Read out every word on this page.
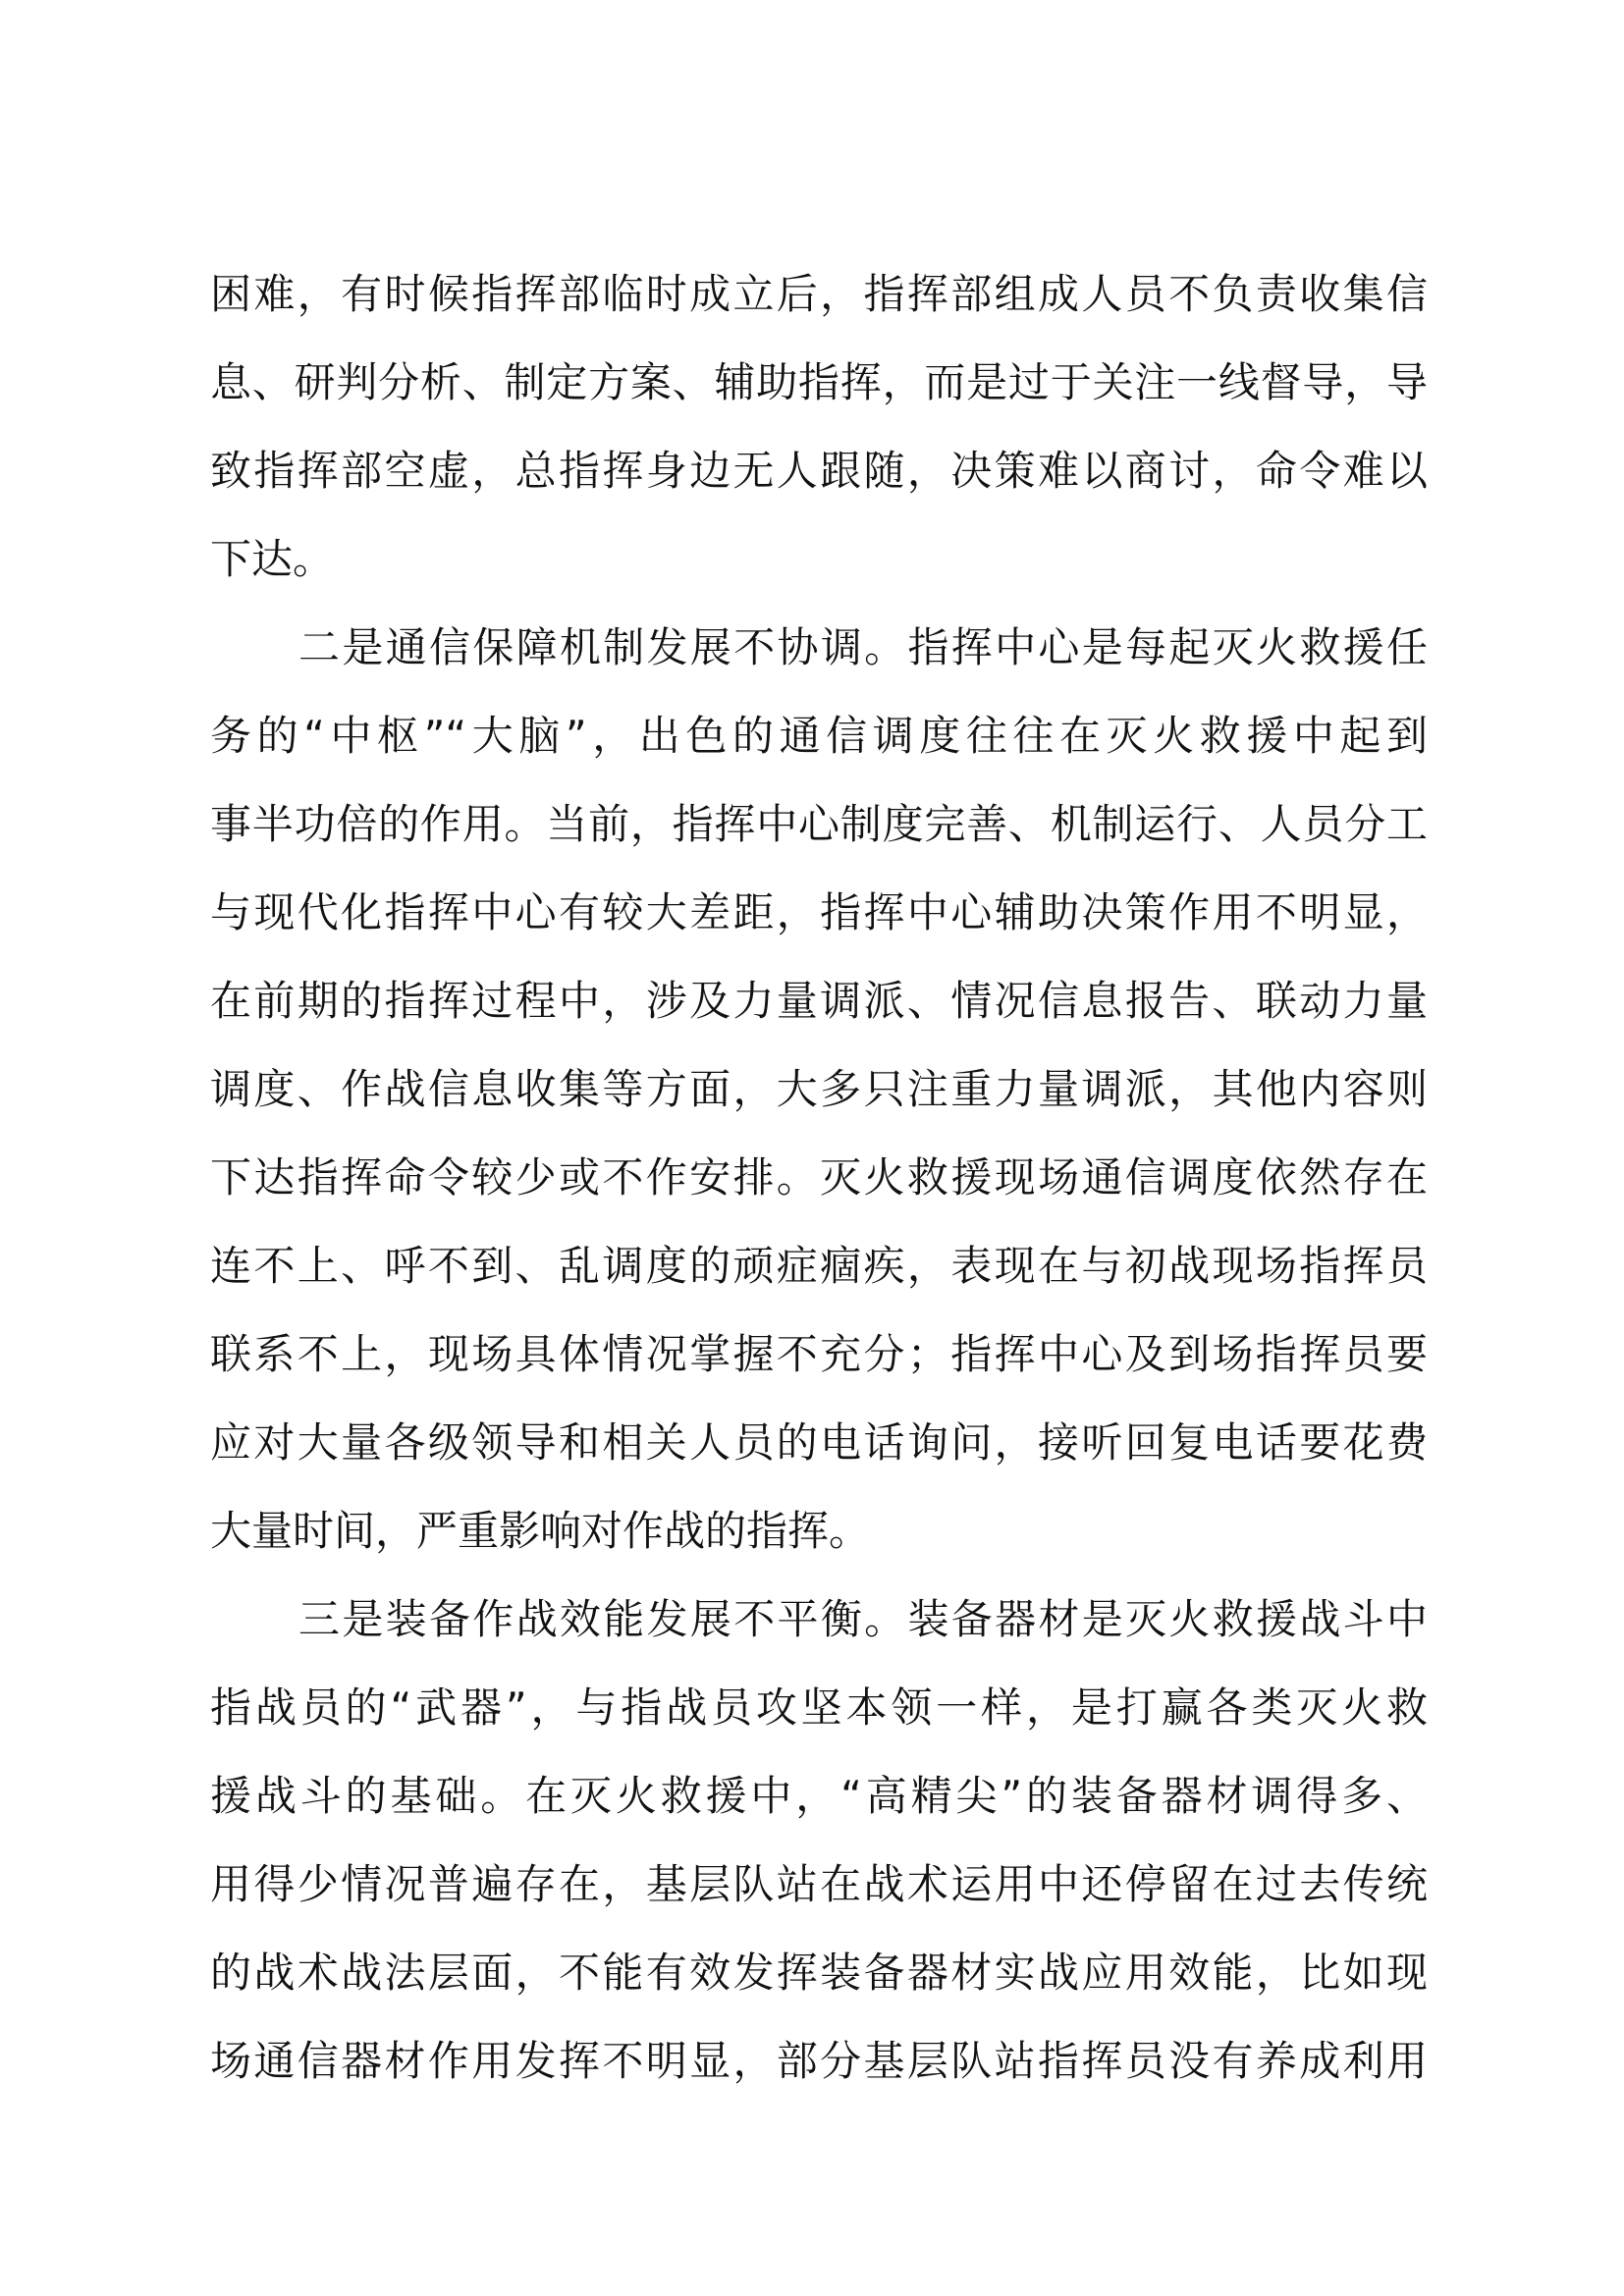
困难，有时候指挥部临时成立后，指挥部组成人员不负责收集信
息、研判分析、制定方案、辅助指挥，而是过于关注一线督导，导
致指挥部空虚，总指挥身边无人跟随，决策难以商讨，命令难以
下达。
二是通信保障机制发展不协调。指挥中心是每起灭火救援任
务的“中枢”“大脑”，出色的通信调度往往在灭火救援中起到
事半功倍的作用。当前，指挥中心制度完善、机制运行、人员分工
与现代化指挥中心有较大差距，指挥中心辅助决策作用不明显，
在前期的指挥过程中，涉及力量调派、情况信息报告、联动力量
调度、作战信息收集等方面，大多只注重力量调派，其他内容则
下达指挥命令较少或不作安排。灭火救援现场通信调度依然存在
连不上、呼不到、乱调度的顽症痼疾，表现在与初战现场指挥员
联系不上，现场具体情况掌握不充分；指挥中心及到场指挥员要
应对大量各级领导和相关人员的电话询问，接听回复电话要花费
大量时间，严重影响对作战的指挥。
三是装备作战效能发展不平衡。装备器材是灭火救援战斗中
指战员的“武器”，与指战员攻坚本领一样，是打赢各类灭火救
援战斗的基础。在灭火救援中，“高精尖”的装备器材调得多、
用得少情况普遍存在，基层队站在战术运用中还停留在过去传统
的战术战法层面，不能有效发挥装备器材实战应用效能，比如现
场通信器材作用发挥不明显，部分基层队站指挥员没有养成利用
